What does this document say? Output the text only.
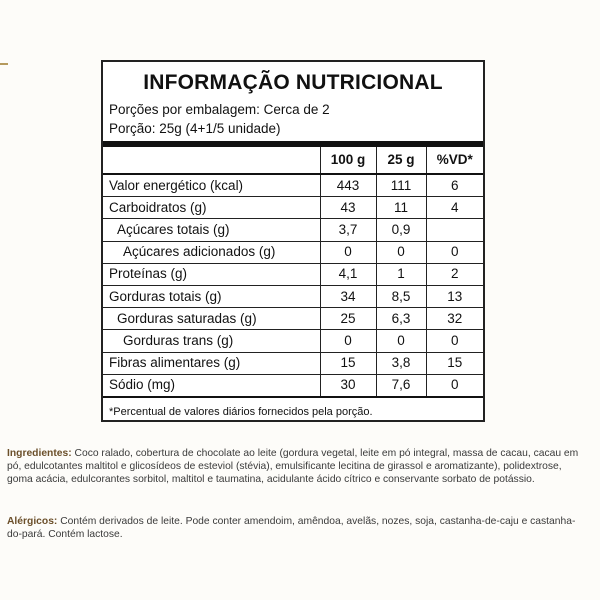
INFORMAÇÃO NUTRICIONAL
Porções por embalagem: Cerca de 2
Porção: 25g (4+1/5 unidade)
	100 g	25 g	%VD*
Valor energético (kcal)	443	111	6
Carboidratos (g)	43	11	4
Açúcares totais (g)	3,7	0,9	
Açúcares adicionados (g)	0	0	0
Proteínas (g)	4,1	1	2
Gorduras totais (g)	34	8,5	13
Gorduras saturadas (g)	25	6,3	32
Gorduras trans (g)	0	0	0
Fibras alimentares (g)	15	3,8	15
Sódio (mg)	30	7,6	0
*Percentual de valores diários fornecidos pela porção.
Ingredientes: Coco ralado, cobertura de chocolate ao leite (gordura vegetal, leite em pó integral, massa de cacau, cacau em pó, edulcotantes maltitol e glicosídeos de esteviol (stévia), emulsificante lecitina de girassol e aromatizante), polidextrose, goma acácia, edulcorantes sorbitol, maltitol e taumatina, acidulante ácido cítrico e conservante sorbato de potássio.
Alérgicos: Contém derivados de leite. Pode conter amendoim, amêndoa, avelãs, nozes, soja, castanha-de-caju e castanha-do-pará. Contém lactose.
